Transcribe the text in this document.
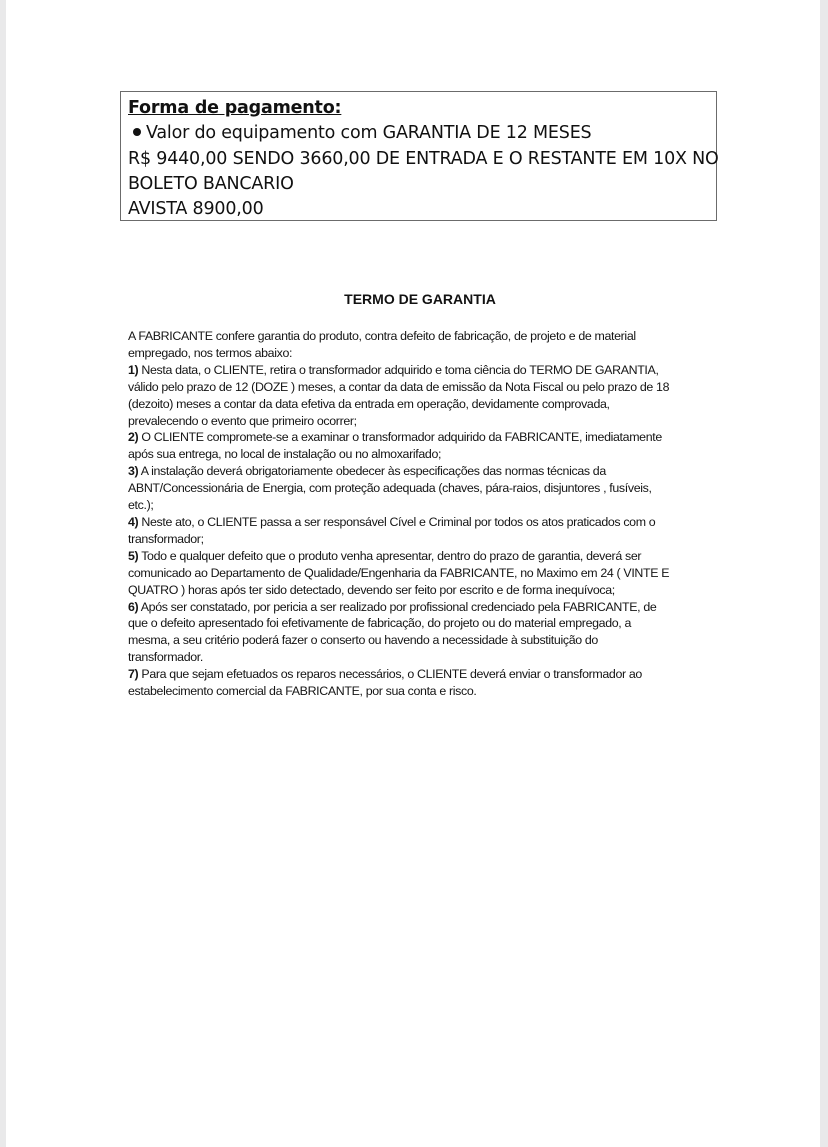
Forma de pagamento:
Valor do equipamento com GARANTIA DE 12 MESES
R$ 9440,00 SENDO 3660,00 DE ENTRADA E O RESTANTE EM 10X NO
BOLETO BANCARIO
AVISTA 8900,00
TERMO DE GARANTIA
A FABRICANTE confere garantia do produto, contra defeito de fabricação, de projeto e de material
empregado, nos termos abaixo:
1) Nesta data, o CLIENTE, retira o transformador adquirido e toma ciência do TERMO DE GARANTIA,
válido pelo prazo de 12 (DOZE ) meses, a contar da data de emissão da Nota Fiscal ou pelo prazo de 18
(dezoito) meses a contar da data efetiva da entrada em operação, devidamente comprovada,
prevalecendo o evento que primeiro ocorrer;
2) O CLIENTE compromete-se a examinar o transformador adquirido da FABRICANTE, imediatamente
após sua entrega, no local de instalação ou no almoxarifado;
3) A instalação deverá obrigatoriamente obedecer às especificações das normas técnicas da
ABNT/Concessionária de Energia, com proteção adequada (chaves, pára-raios, disjuntores , fusíveis,
etc.);
4) Neste ato, o CLIENTE passa a ser responsável Cível e Criminal por todos os atos praticados com o
transformador;
5) Todo e qualquer defeito que o produto venha apresentar, dentro do prazo de garantia, deverá ser
comunicado ao Departamento de Qualidade/Engenharia da FABRICANTE, no Maximo em 24 ( VINTE E
QUATRO ) horas após ter sido detectado, devendo ser feito por escrito e de forma inequívoca;
6) Após ser constatado, por pericia a ser realizado por profissional credenciado pela FABRICANTE, de
que o defeito apresentado foi efetivamente de fabricação, do projeto ou do material empregado, a
mesma, a seu critério poderá fazer o conserto ou havendo a necessidade à substituição do
transformador.
7) Para que sejam efetuados os reparos necessários, o CLIENTE deverá enviar o transformador ao
estabelecimento comercial da FABRICANTE, por sua conta e risco.
